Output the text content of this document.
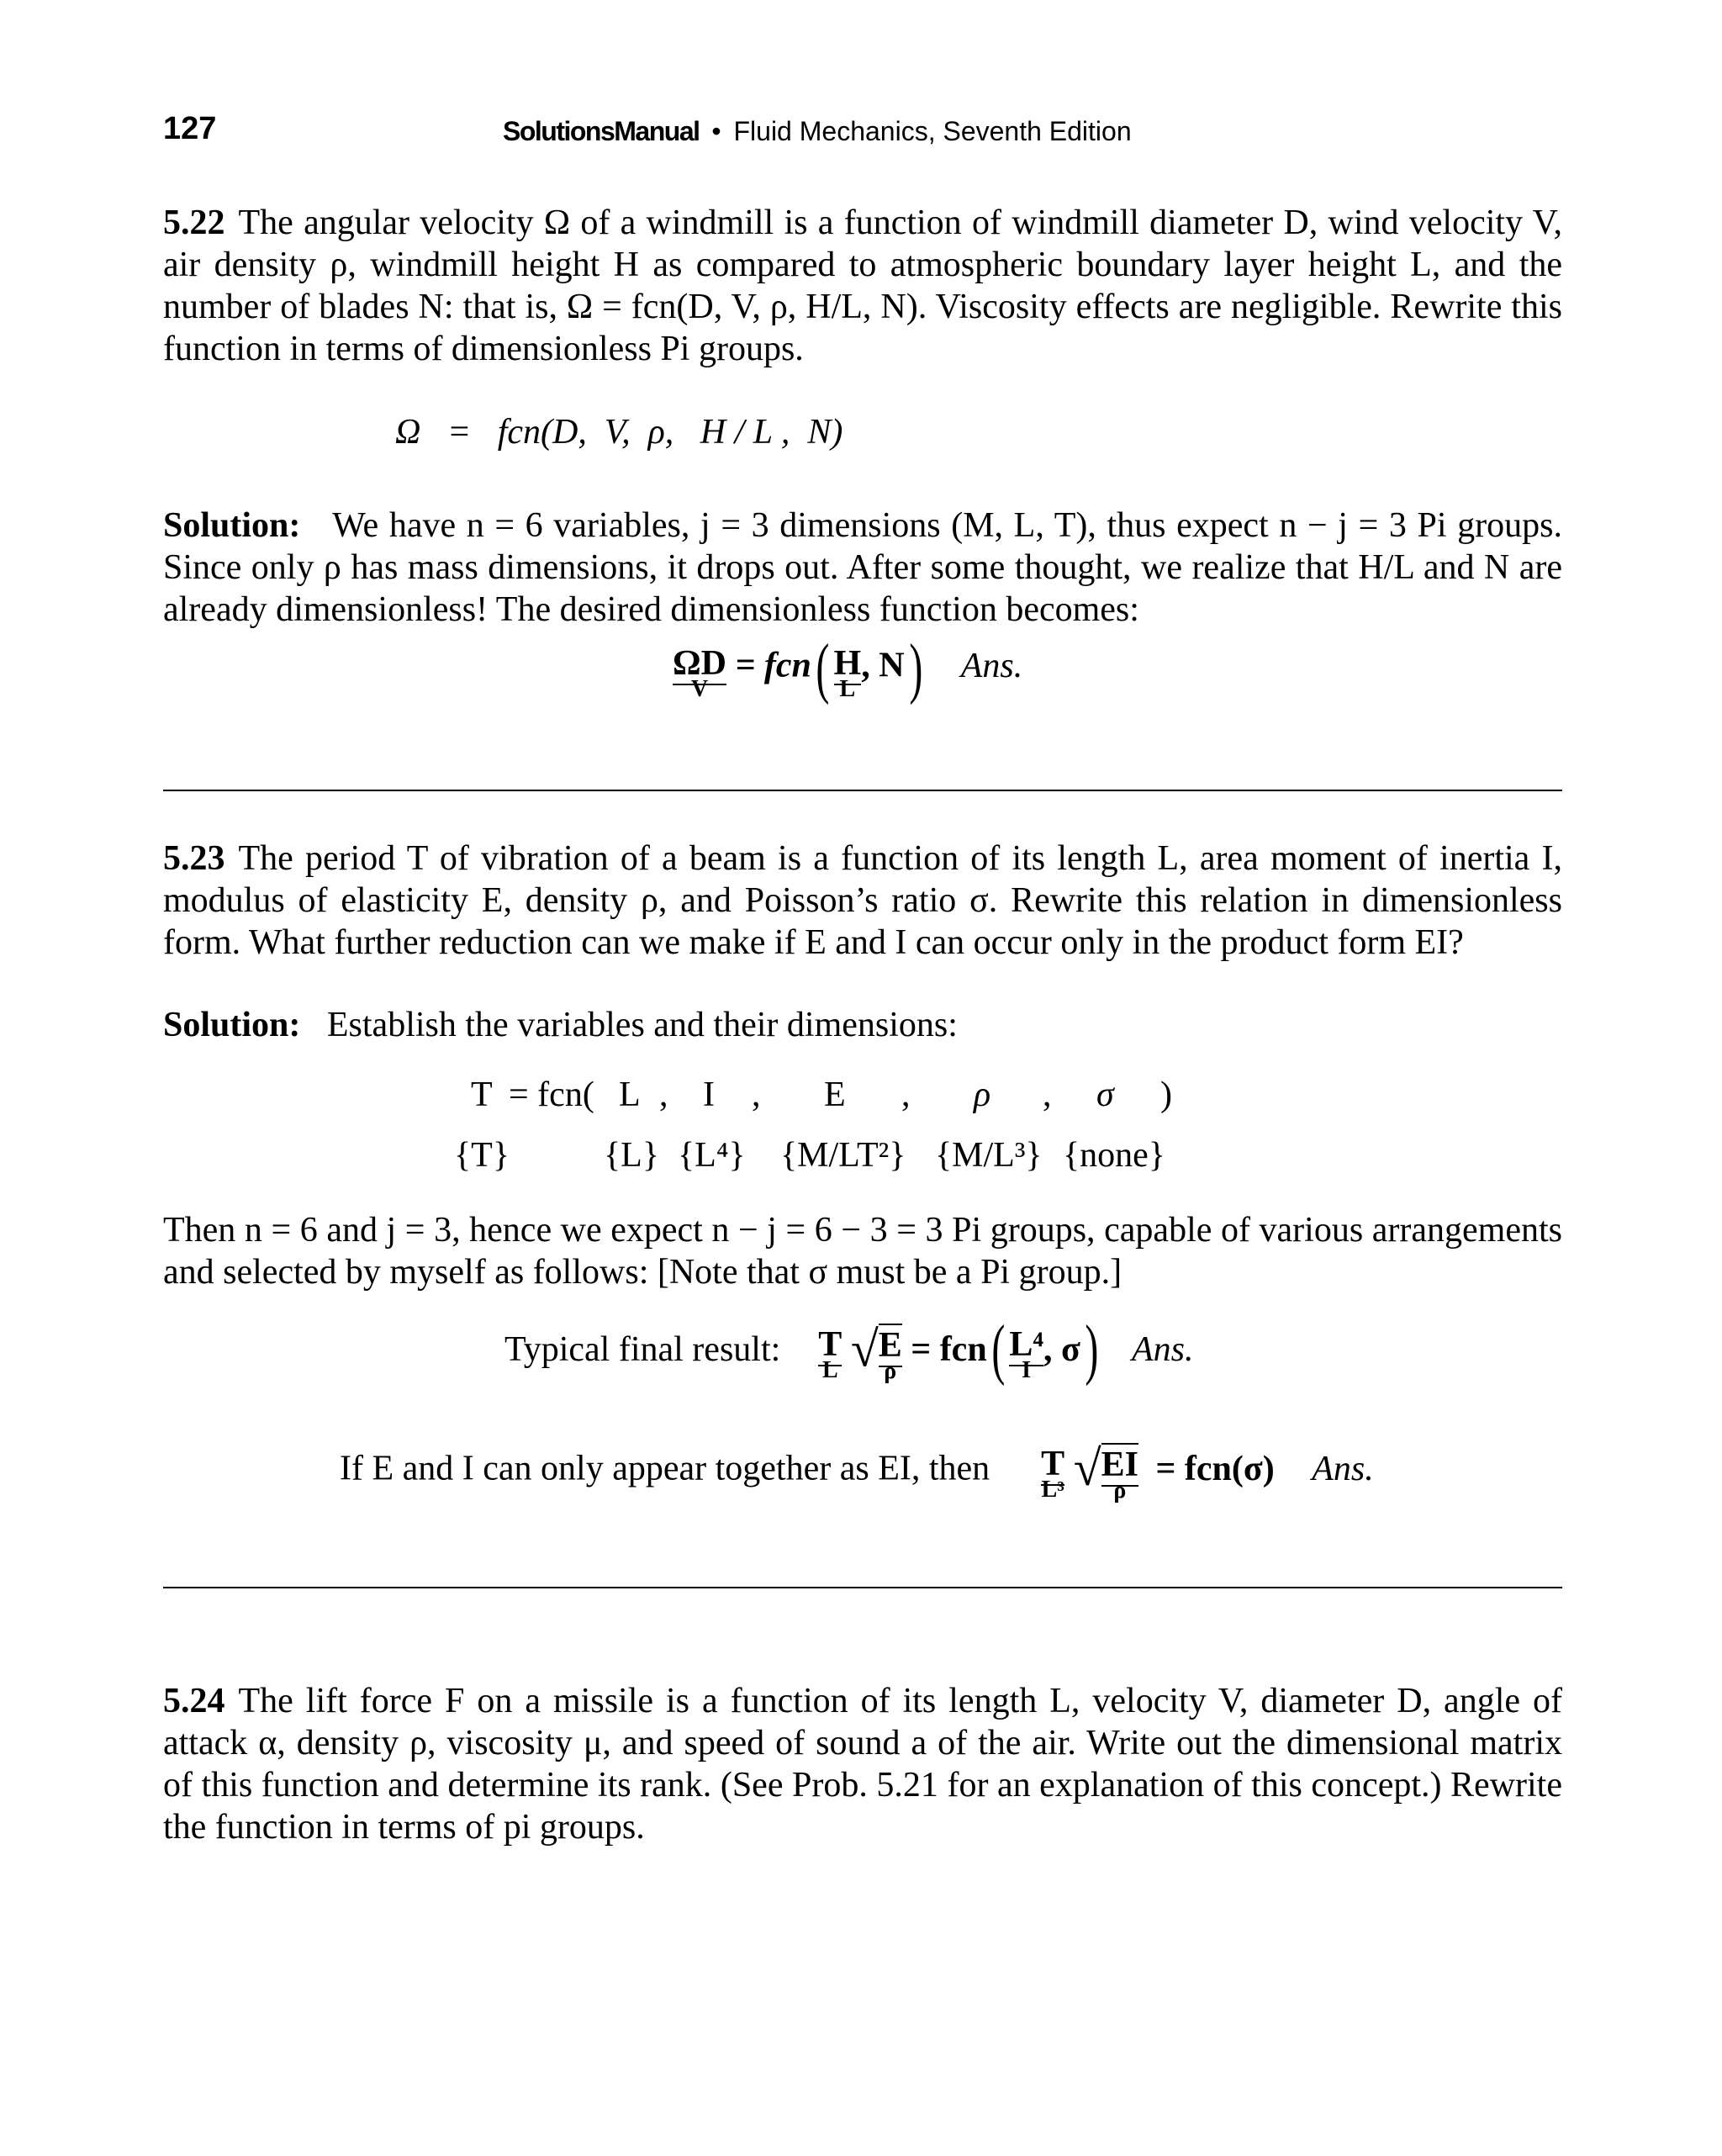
127	SolutionsManual • Fluid Mechanics, Seventh Edition
5.22 The angular velocity Ω of a windmill is a function of windmill diameter D, wind velocity V, air density ρ, windmill height H as compared to atmospheric boundary layer height L, and the number of blades N: that is, Ω = fcn(D, V, ρ, H/L, N). Viscosity effects are negligible. Rewrite this function in terms of dimensionless Pi groups.
Ω   =   fcn(D,  V,  ρ,   H / L ,  N)
Solution: We have n = 6 variables, j = 3 dimensions (M, L, T), thus expect n − j = 3 Pi groups. Since only ρ has mass dimensions, it drops out. After some thought, we realize that H/L and N are already dimensionless! The desired dimensionless function becomes:
$\frac{\Omega D}{V} = fcn( \frac{H}{L}$ , N) Ans.
5.23 The period T of vibration of a beam is a function of its length L, area moment of inertia I, modulus of elasticity E, density ρ, and Poisson’s ratio σ. Rewrite this relation in dimensionless form. What further reduction can we make if E and I can occur only in the product form EI?
Solution: Establish the variables and their dimensions:
T = fcn( L , I , E , ρ , σ )
{T}	{L} {L⁴} {M/LT²} {M/L³} {none}
Then n = 6 and j = 3, hence we expect n − j = 6 − 3 = 3 Pi groups, capable of various arrangements and selected by myself as follows: [Note that σ must be a Pi group.]
Typical final result: $\frac{T}{L}$ √ $\frac{E}{\rho} = fcn( \frac{\text{L⁴}}{I}$ , σ) Ans.
If E and I can only appear together as EI, then $\frac{T}{\text{L³}}$ √ $\frac{EI}{\rho} = fcn(\sigma)$ Ans.
5.24 The lift force F on a missile is a function of its length L, velocity V, diameter D, angle of attack α, density ρ, viscosity μ, and speed of sound a of the air. Write out the dimensional matrix of this function and determine its rank. (See Prob. 5.21 for an explanation of this concept.) Rewrite the function in terms of pi groups.
